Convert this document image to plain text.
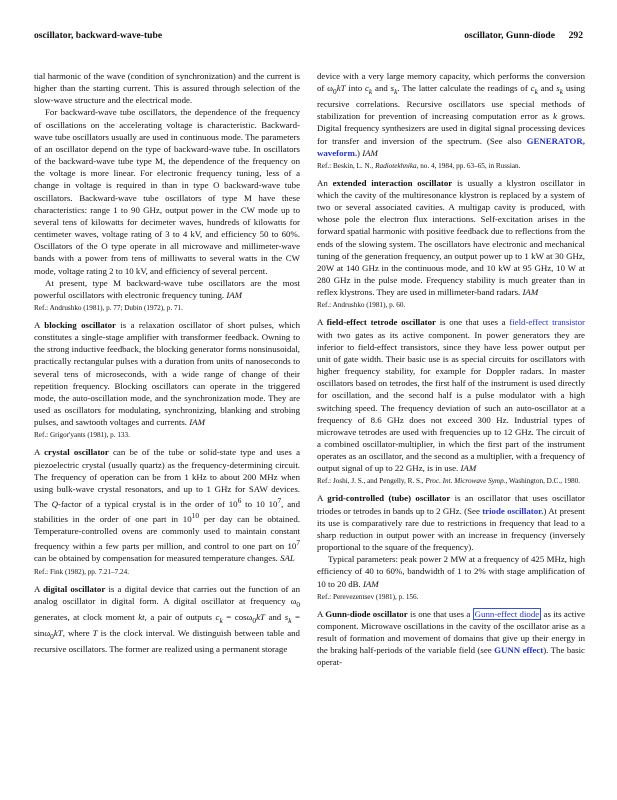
oscillator, backward-wave-tube	oscillator, Gunn-diode 292

tial harmonic of the wave (condition of synchronization) and the current is higher than the starting current. This is assured through selection of the slow-wave structure and the electrical mode.

For backward-wave tube oscillators, the dependence of the frequency of oscillations on the accelerating voltage is characteristic. Backward-wave tube oscillators usually are used in continuous mode. The parameters of an oscillator depend on the type of backward-wave tube. In oscillators of the backward-wave tube type M, the dependence of the frequency on the voltage is more linear. For electronic frequency tuning, less of a change in voltage is required in than in type O backward-wave tube oscillators. Backward-wave tube oscillators of type M have these characteristics: range 1 to 90 GHz, output power in the CW mode up to several tens of kilowatts for decimeter waves, hundreds of kilowatts for centimeter waves, voltage rating of 3 to 4 kV, and efficiency 50 to 60%. Oscillators of the O type operate in all microwave and millimeter-wave bands with a power from tens of milliwatts to several watts in the CW mode, voltage rating 2 to 10 kV, and efficiency of several percent.

At present, type M backward-wave tube oscillators are the most powerful oscillators with electronic frequency tuning. IAM

Ref.: Andrushko (1981), p. 77; Dubin (1972), p. 71.

A blocking oscillator is a relaxation oscillator of short pulses, which constitutes a single-stage amplifier with transformer feedback. Owning to the strong inductive feedback, the blocking generator forms nonsinusoidal, practically rectangular pulses with a duration from units of nanoseconds to several tens of microseconds, with a wide range of change of their repetition frequency. Blocking oscillators can operate in the triggered mode, the auto-oscillation mode, and the synchronization mode. They are used as oscillators for modulating, synchronizing, blanking and strobing pulses, and sawtooth voltages and currents. IAM

Ref.: Grigor'yants (1981), p. 133.

A crystal oscillator can be of the tube or solid-state type and uses a piezoelectric crystal (usually quartz) as the frequency-determining circuit. The frequency of operation can be from 1 kHz to about 200 MHz when using bulk-wave crystal resonators, and up to 1 GHz for SAW devices. The Q-factor of a typical crystal is in the order of $10^6$ to 10 $10^7$, and stabilities in the order of one part in $10^{10}$ per day can be obtained. Temperature-controlled ovens are commonly used to maintain constant frequency within a few parts per million, and control to one part on $10^7$ can be obtained by compensation for measured temperature changes. SAL

Ref.: Fink (1982), pp. 7.21–7.24.

A digital oscillator is a digital device that carries out the function of an analog oscillator in digital form. A digital oscillator at frequency $\omega_0$ generates, at clock moment kt, a pair of outputs $c_k = \cos\omega_0kT$ and $s_k = \sin\omega_0kT$, where T is the clock interval. We distinguish between table and recursive oscillators. The former are realized using a permanent storage

device with a very large memory capacity, which performs the conversion of $\omega_0kT$ into $c_k$ and $s_k$. The latter calculate the readings of $c_k$ and $s_k$ using recursive correlations. Recursive oscillators use special methods of stabilization for prevention of increasing computation error as k grows. Digital frequency synthesizers are used in digital signal processing devices for transfer and inversion of the spectrum. (See also GENERATOR, waveform.) IAM

Ref.: Beskin, L. N., Radiotekhnika, no. 4, 1984, pp. 63–65, in Russian.

An extended interaction oscillator is usually a klystron oscillator in which the cavity of the multiresonance klystron is replaced by a system of two or several associated cavities. A multigap cavity is produced, with whose pole the electron flux interactions. Self-excitation arises in the forward spatial harmonic with positive feedback due to reflections from the ends of the slowing system. The oscillators have electronic and mechanical tuning of the generation frequency, an output power up to 1 kW at 30 GHz, 20W at 140 GHz in the continuous mode, and 10 kW at 95 GHz, 10 W at 280 GHz in the pulse mode. Frequency stability is much greater than in reflex klystrons. They are used in millimeter-band radars. IAM

Ref.: Andrushko (1981), p. 60.

A field-effect tetrode oscillator is one that uses a field-effect transistor with two gates as its active component. In power generators they are inferior to field-effect transistors, since they have less power output per unit of gate width. Their basic use is as special circuits for oscillators with higher frequency stability, for example for Doppler radars. In master oscillators based on tetrodes, the first half of the instrument is used directly for oscillation, and the second half is a pulse modulator with a high switching speed. The frequency deviation of such an auto-oscillator at a frequency of 8.6 GHz does not exceed 300 Hz. Industrial types of microwave tetrodes are used with frequencies up to 12 GHz. The circuit of a combined oscillator-multiplier, in which the first part of the instrument operates as an oscillator, and the second as a multiplier, with a frequency of output signal of up to 22 GHz, is in use. IAM

Ref.: Joshi, J. S., and Pengelly, R. S., Proc. Int. Microwave Symp., Washington, D.C., 1980.

A grid-controlled (tube) oscillator is an oscillator that uses oscillator triodes or tetrodes in bands up to 2 GHz. (See triode oscillator.) At present its use is comparatively rare due to restrictions in frequency that lead to a sharp reduction in output power with an increase in frequency (inversely proportional to the square of the frequency).

Typical parameters: peak power 2 MW at a frequency of 425 MHz, high efficiency of 40 to 60%, bandwidth of 1 to 2% with stage amplification of 10 to 20 dB. IAM

Ref.: Perevezentsev (1981), p. 156.

A Gunn-diode oscillator is one that uses a Gunn-effect diode as its active component. Microwave oscillations in the cavity of the oscillator arise as a result of formation and movement of domains that give up their energy in the braking half-periods of the variable field (see GUNN effect). The basic operat-
